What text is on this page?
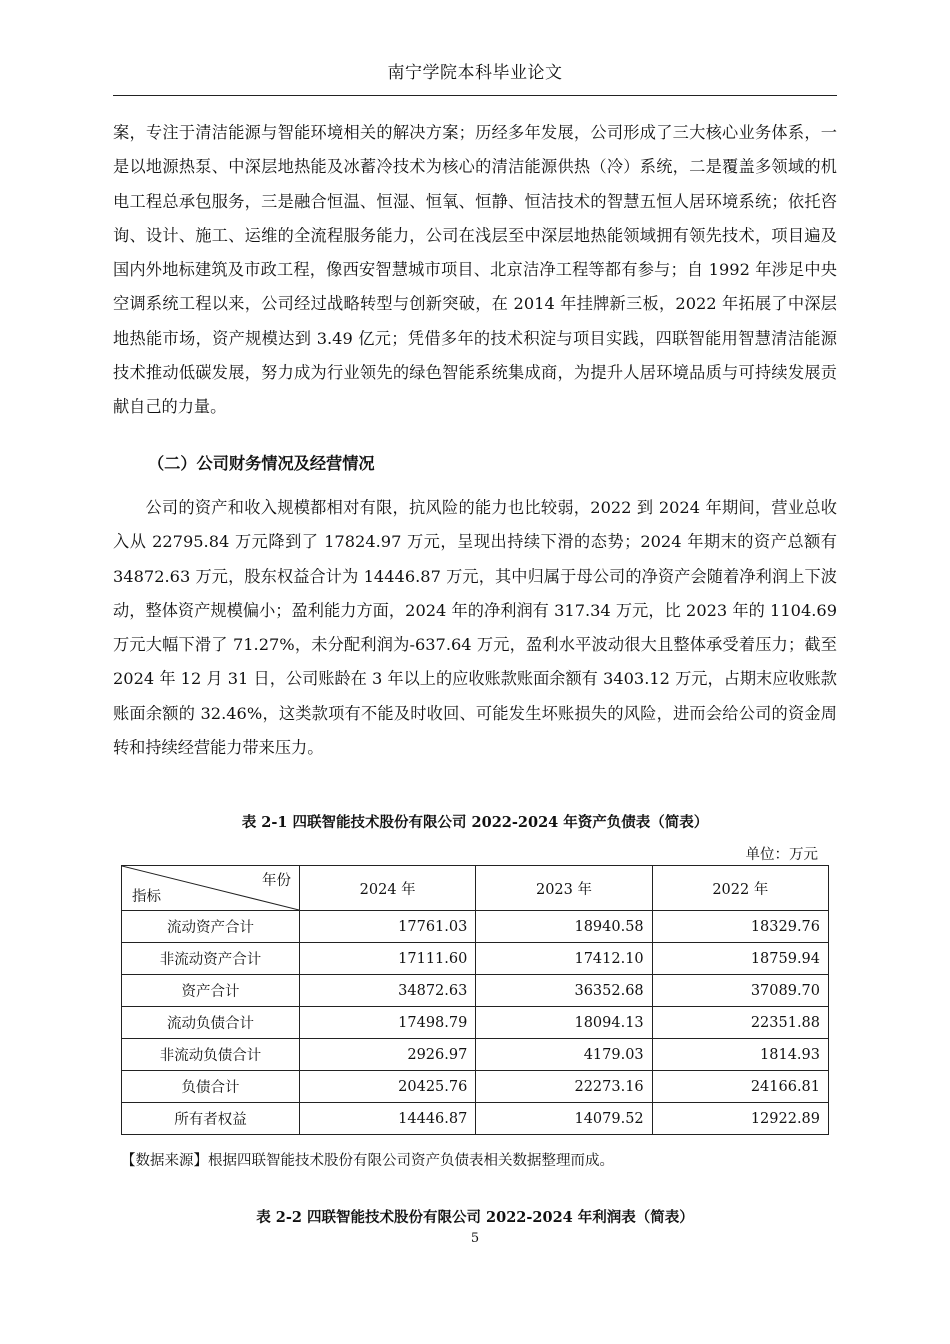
南宁学院本科毕业论文

案，专注于清洁能源与智能环境相关的解决方案；历经多年发展，公司形成了三大核心业务体系，一是以地源热泵、中深层地热能及冰蓄冷技术为核心的清洁能源供热（冷）系统，二是覆盖多领域的机电工程总承包服务，三是融合恒温、恒湿、恒氧、恒静、恒洁技术的智慧五恒人居环境系统；依托咨询、设计、施工、运维的全流程服务能力，公司在浅层至中深层地热能领域拥有领先技术，项目遍及国内外地标建筑及市政工程，像西安智慧城市项目、北京洁净工程等都有参与；自 1992 年涉足中央空调系统工程以来，公司经过战略转型与创新突破，在 2014 年挂牌新三板，2022 年拓展了中深层地热能市场，资产规模达到 3.49 亿元；凭借多年的技术积淀与项目实践，四联智能用智慧清洁能源技术推动低碳发展，努力成为行业领先的绿色智能系统集成商，为提升人居环境品质与可持续发展贡献自己的力量。

（二）公司财务情况及经营情况

公司的资产和收入规模都相对有限，抗风险的能力也比较弱，2022 到 2024 年期间，营业总收入从 22795.84 万元降到了 17824.97 万元，呈现出持续下滑的态势；2024 年期末的资产总额有 34872.63 万元，股东权益合计为 14446.87 万元，其中归属于母公司的净资产会随着净利润上下波动，整体资产规模偏小；盈利能力方面，2024 年的净利润有 317.34 万元，比 2023 年的 1104.69 万元大幅下滑了 71.27%，未分配利润为-637.64 万元，盈利水平波动很大且整体承受着压力；截至 2024 年 12 月 31 日，公司账龄在 3 年以上的应收账款账面余额有 3403.12 万元，占期末应收账款账面余额的 32.46%，这类款项有不能及时收回、可能发生坏账损失的风险，进而会给公司的资金周转和持续经营能力带来压力。

表 2-1 四联智能技术股份有限公司 2022-2024 年资产负债表（简表）
单位：万元
年份
指标	2024 年	2023 年	2022 年
流动资产合计	17761.03	18940.58	18329.76
非流动资产合计	17111.60	17412.10	18759.94
资产合计	34872.63	36352.68	37089.70
流动负债合计	17498.79	18094.13	22351.88
非流动负债合计	2926.97	4179.03	1814.93
负债合计	20425.76	22273.16	24166.81
所有者权益	14446.87	14079.52	12922.89
【数据来源】根据四联智能技术股份有限公司资产负债表相关数据整理而成。
表 2-2 四联智能技术股份有限公司 2022-2024 年利润表（简表）
5
